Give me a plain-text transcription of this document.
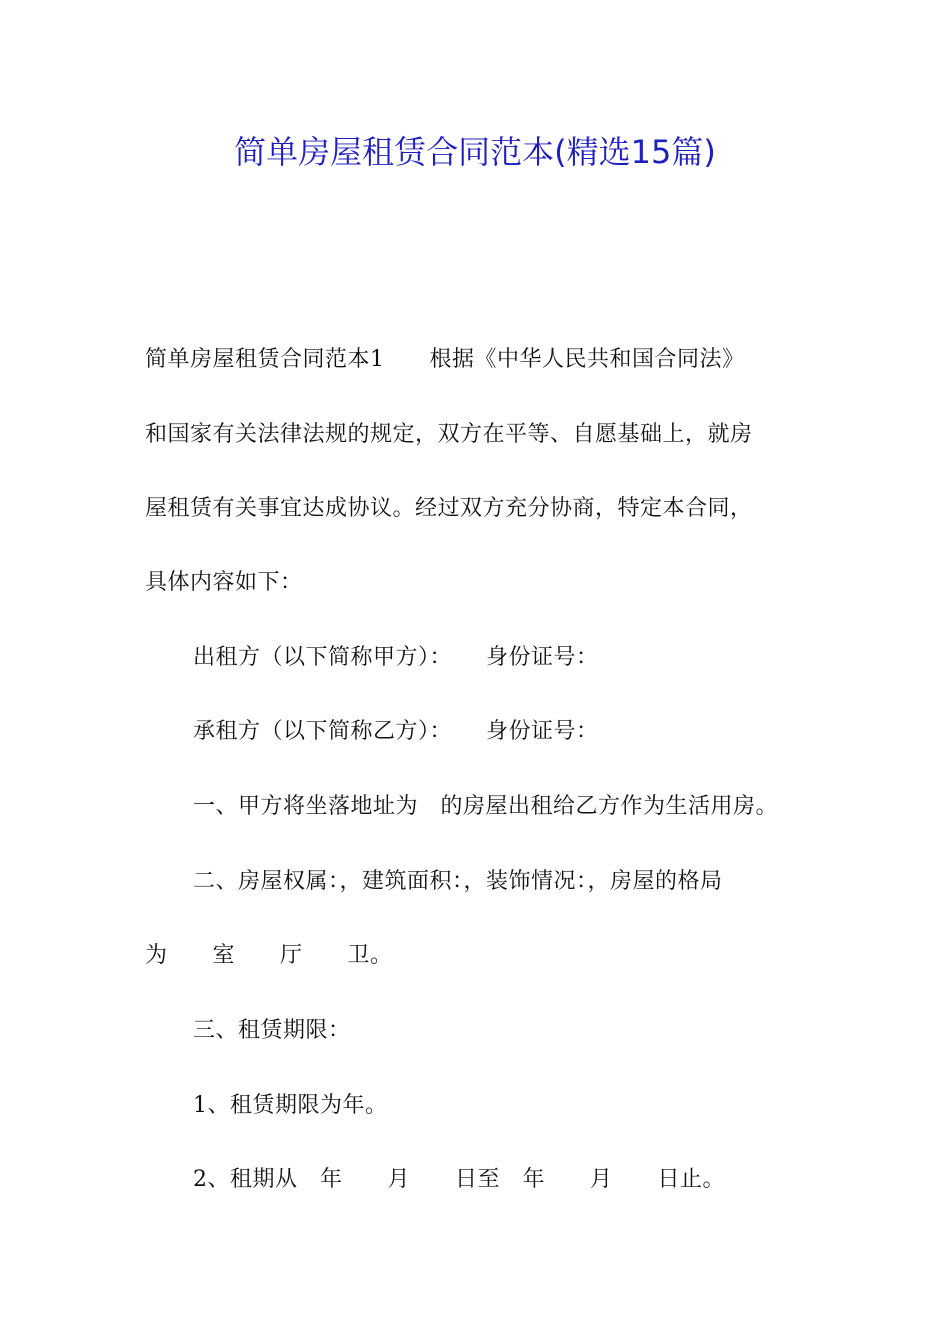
简单房屋租赁合同范本(精选15篇)
简单房屋租赁合同范本1　　根据《中华人民共和国合同法》
和国家有关法律法规的规定，双方在平等、自愿基础上，就房
屋租赁有关事宜达成协议。经过双方充分协商，特定本合同，
具体内容如下：
出租方（以下简称甲方）：　　身份证号：
承租方（以下简称乙方）：　　身份证号：
一、甲方将坐落地址为　的房屋出租给乙方作为生活用房。
二、房屋权属：，建筑面积：，装饰情况：，房屋的格局
为　　室　　厅　　卫。
三、租赁期限：
1、租赁期限为年。
2、租期从　年　　月　　日至　年　　月　　日止。
